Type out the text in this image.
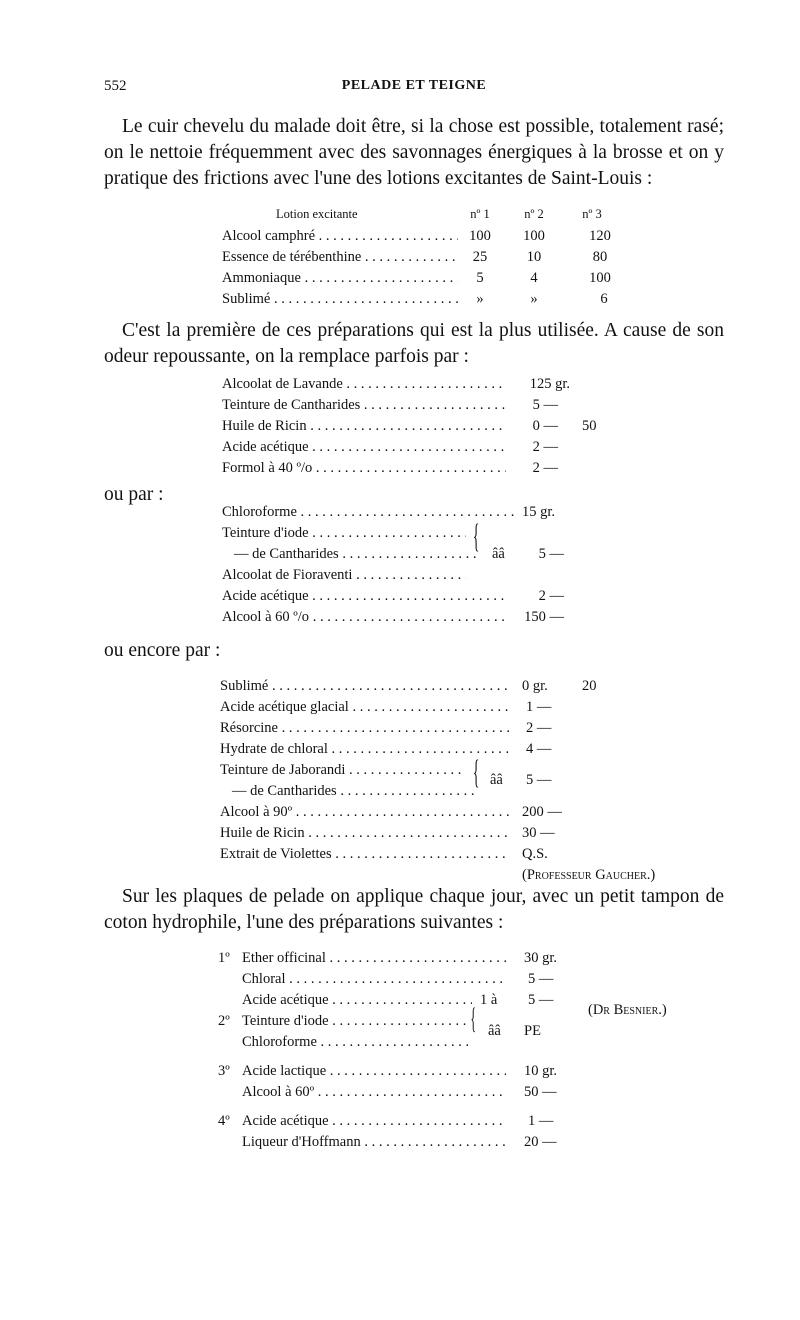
552	PELADE ET TEIGNE
Le cuir chevelu du malade doit être, si la chose est possible, totalement rasé; on le nettoie fréquemment avec des savonnages énergiques à la brosse et on y pratique des frictions avec l'une des lotions excitantes de Saint-Louis :
Lotion excitante	nº 1	nº 2	nº 3
Alcool camphré . . .	100	100	120
Essence de térébenthine . . .	25	10	80
Ammoniaque . . .	5	4	100
Sublimé . . .	»	»	6
C'est la première de ces préparations qui est la plus utilisée. A cause de son odeur repoussante, on la remplace parfois par :
Alcoolat de Lavande . . .	125 gr.
Teinture de Cantharides . . .	5 —
Huile de Ricin . . .	0 — 50
Acide acétique . . .	2 —
Formol à 40 º/o . . .	2 —
ou par :
Chloroforme . . .	15 gr.
Teinture d'iode . . .
— de Cantharides . . .	ââ	5 —
Alcoolat de Fioraventi . . .
Acide acétique . . .	2 —
Alcool à 60 º/o . . .	150 —
{
ou encore par :
Sublimé . . .	0 gr. 20
Acide acétique glacial . . .	1 —
Résorcine . . .	2 —
Hydrate de chloral . . .	4 —
Teinture de Jaborandi . . .
ââ 5 —
— de Cantharides . . .
Alcool à 90º . . .	200 —
Huile de Ricin . . .	30 —
Extrait de Violettes . . .	Q.S.
(Professeur Gaucher.)
{
Sur les plaques de pelade on applique chaque jour, avec un petit tampon de coton hydrophile, l'une des préparations suivantes :
1º Ether officinal . . .	30 gr.
Chloral . . .	5 —
Acide acétique . . .	1 à 5 —
(Dr Besnier.)
2º Teinture d'iode . . .
ââ PE
Chloroforme . . .
3º Acide lactique . . .	10 gr.
Alcool à 60º . . .	50 —
4º Acide acétique . . .	1 —
Liqueur d'Hoffmann . . .	20 —
{
